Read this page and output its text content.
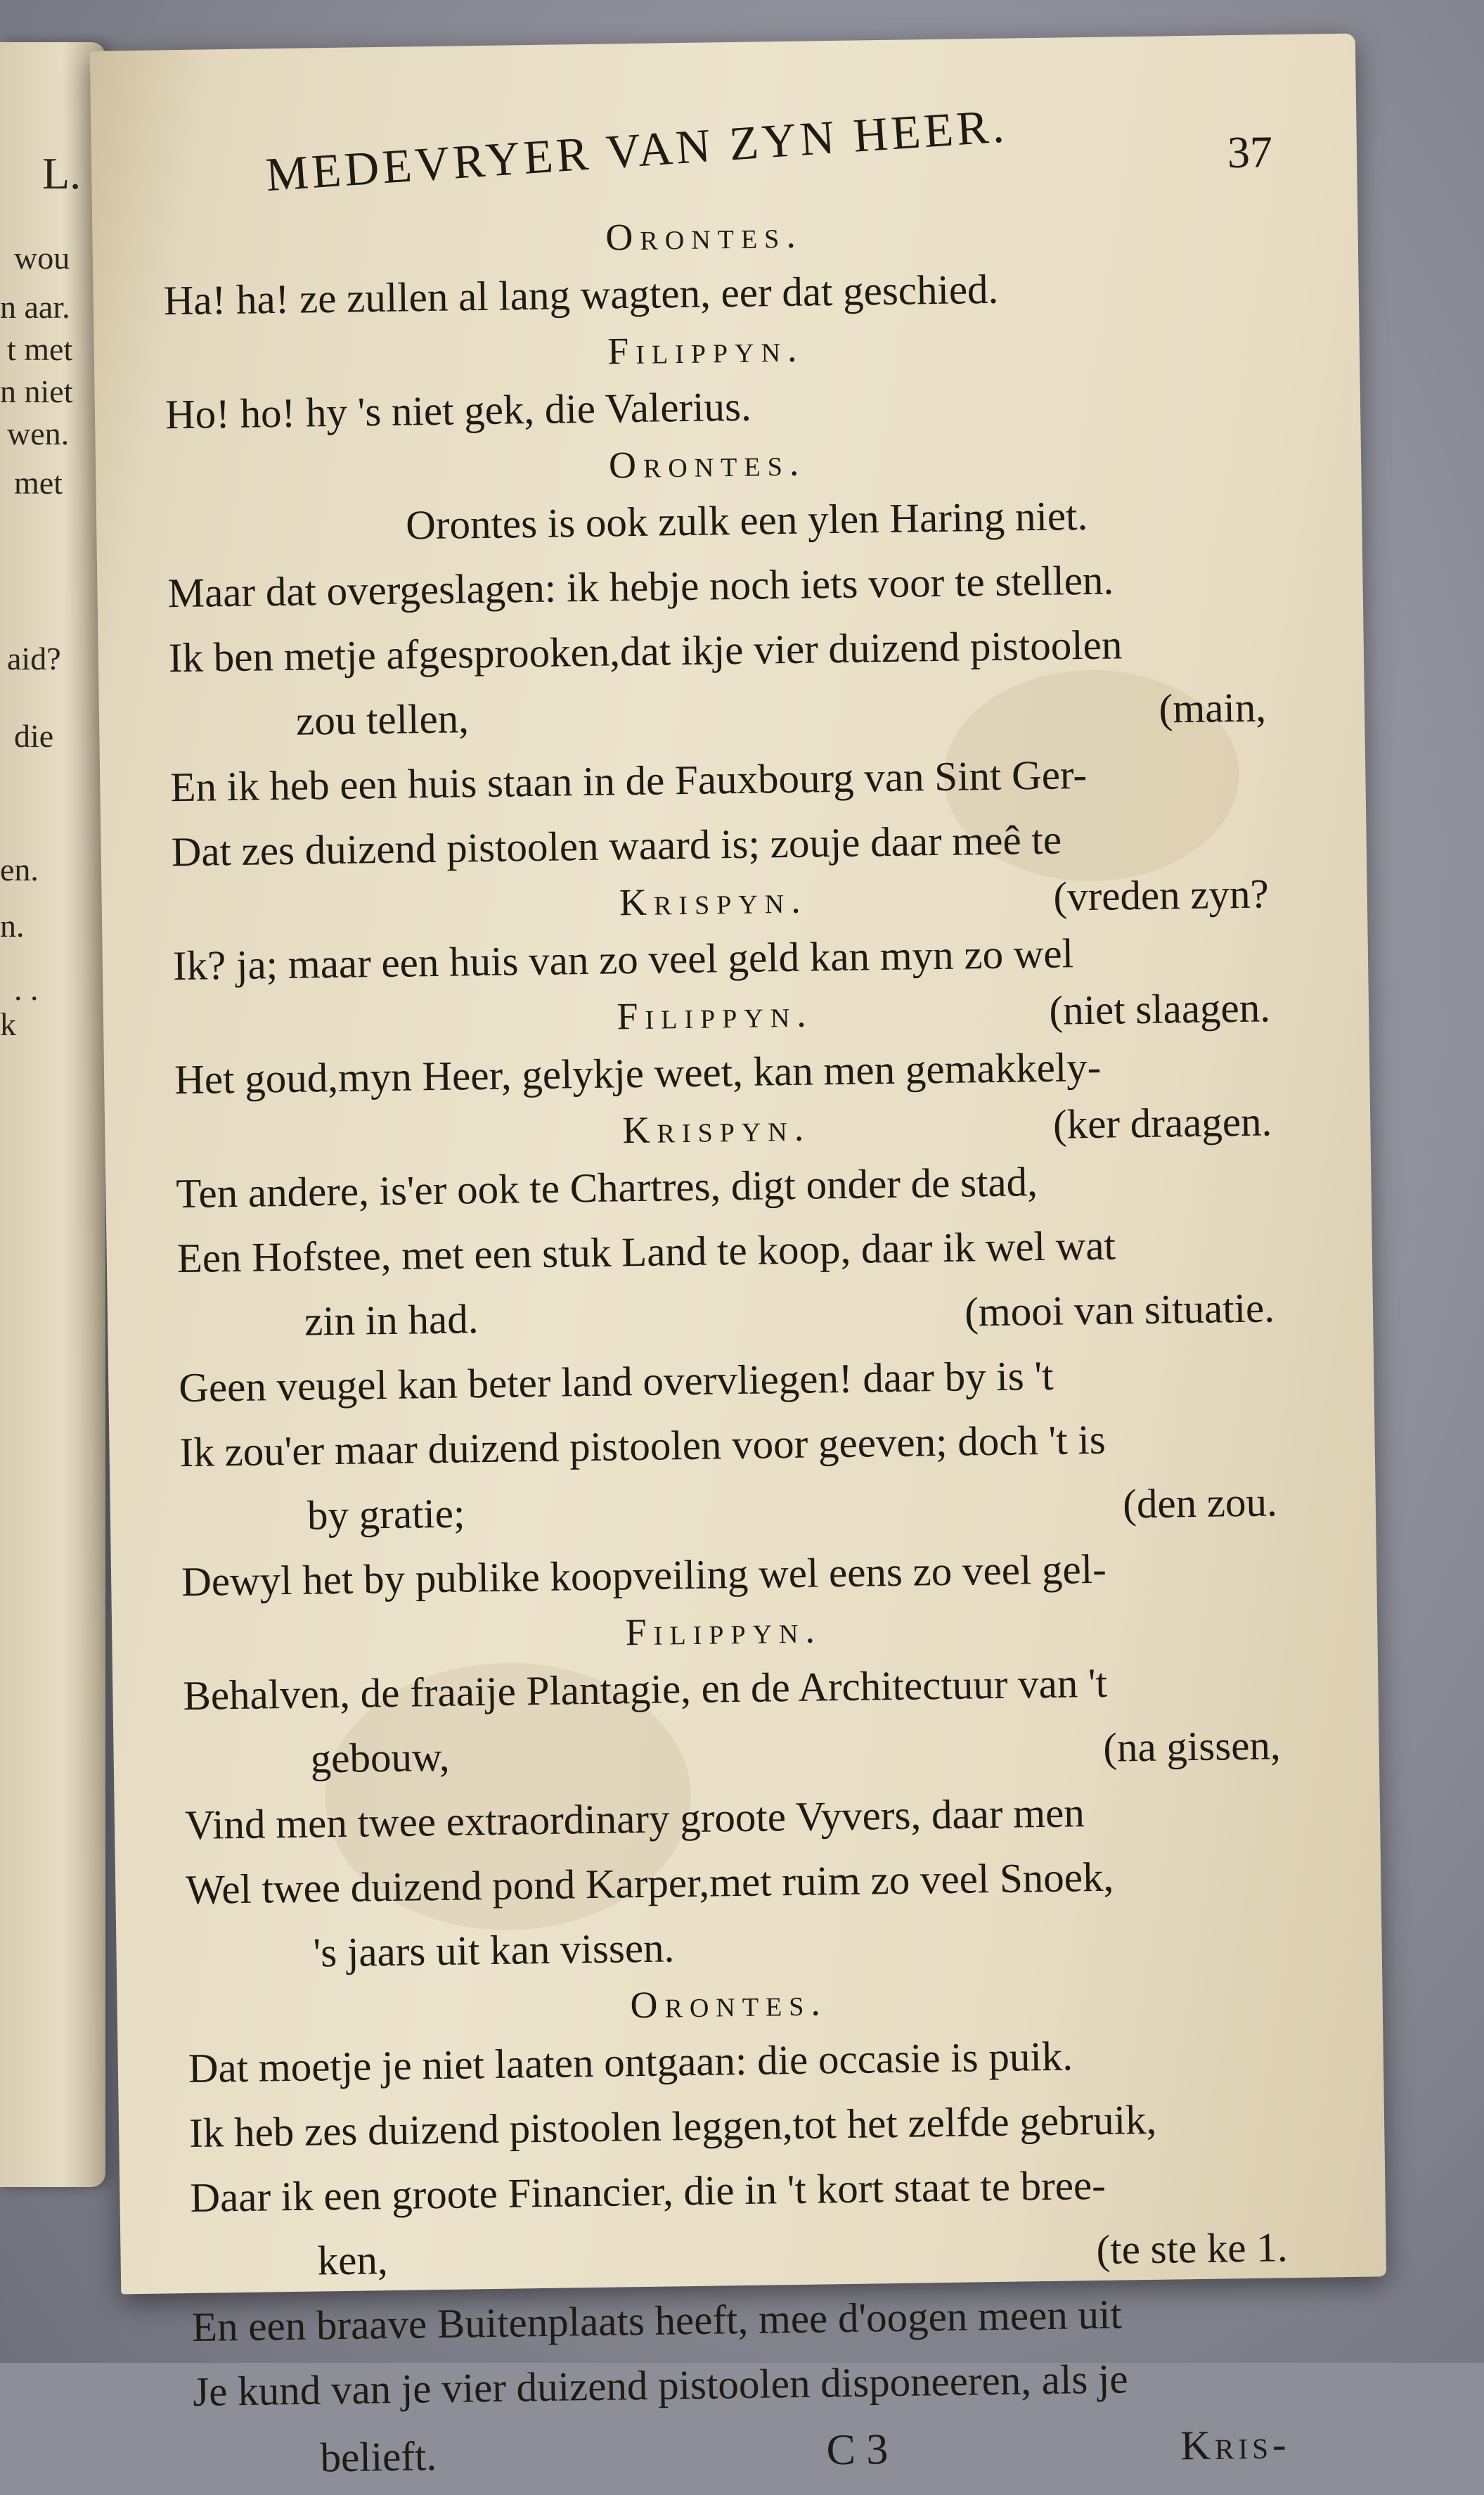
L.
wou
n aar.
t met
n niet
wen.
met
aid?
die
en.
n.
. .
k
MEDEVRYER VAN ZYN HEER.	37
Orontes.
Ha! ha! ze zullen al lang wagten, eer dat geschied.
Filippyn.
Ho! ho! hy 's niet gek, die Valerius.
Orontes.
Orontes is ook zulk een ylen Haring niet.
Maar dat overgeslagen: ik hebje noch iets voor te stellen.
Ik ben metje afgesprooken,dat ikje vier duizend pistoolen
zou tellen,	(main,
En ik heb een huis staan in de Fauxbourg van Sint Ger-
Dat zes duizend pistoolen waard is; zouje daar meê te
Krispyn.	(vreden zyn?
Ik? ja; maar een huis van zo veel geld kan myn zo wel
Filippyn.	(niet slaagen.
Het goud,myn Heer, gelykje weet, kan men gemakkely-
Krispyn.	(ker draagen.
Ten andere, is'er ook te Chartres, digt onder de stad,
Een Hofstee, met een stuk Land te koop, daar ik wel wat
zin in had.	(mooi van situatie.
Geen veugel kan beter land overvliegen! daar by is 't
Ik zou'er maar duizend pistoolen voor geeven; doch 't is
by gratie;	(den zou.
Dewyl het by publike koopveiling wel eens zo veel gel-
Filippyn.
Behalven, de fraaije Plantagie, en de Architectuur van 't
gebouw,	(na gissen,
Vind men twee extraordinary groote Vyvers, daar men
Wel twee duizend pond Karper,met ruim zo veel Snoek,
's jaars uit kan vissen.
Orontes.
Dat moetje je niet laaten ontgaan: die occasie is puik.
Ik heb zes duizend pistoolen leggen,tot het zelfde gebruik,
Daar ik een groote Financier, die in 't kort staat te bree-
ken,	(te ste ke 1.
En een braave Buitenplaats heeft, mee d'oogen meen uit
Je kund van je vier duizend pistoolen disponeeren, als je
belieft.	C 3	Kris-
